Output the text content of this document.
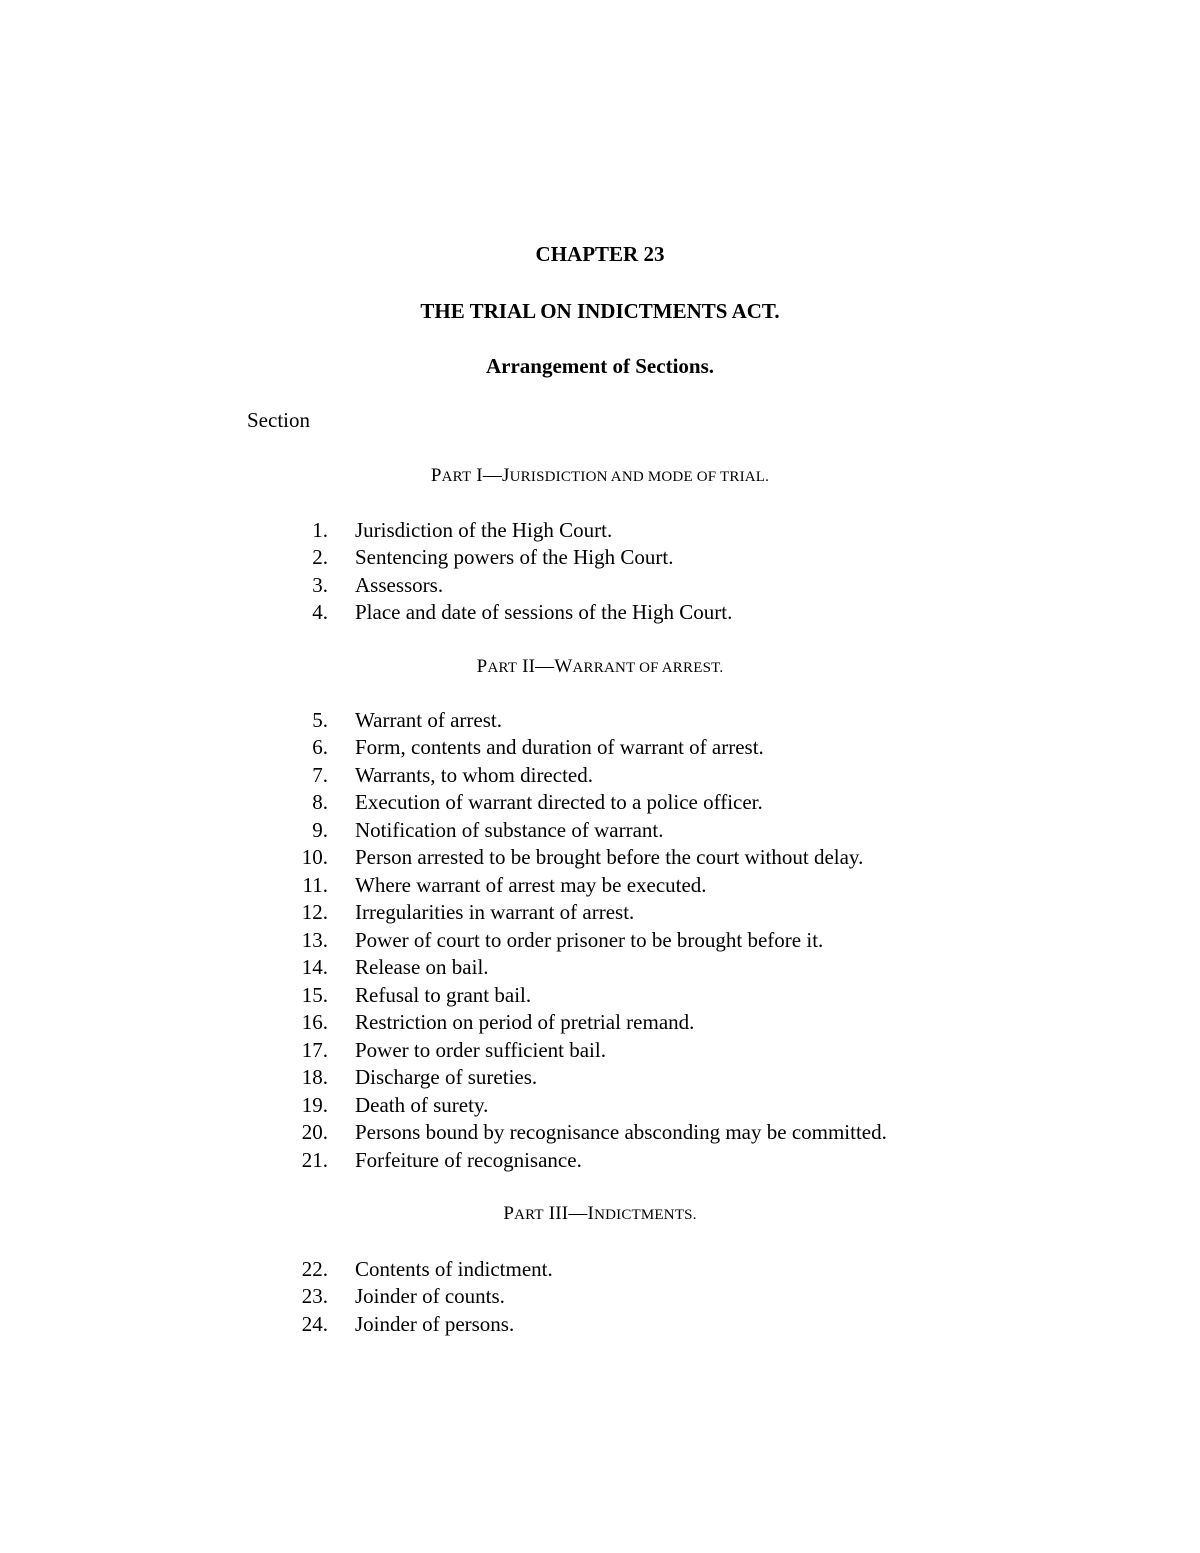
CHAPTER 23
THE TRIAL ON INDICTMENTS ACT.
Arrangement of Sections.
Section
PART I—JURISDICTION AND MODE OF TRIAL.
1. Jurisdiction of the High Court.
2. Sentencing powers of the High Court.
3. Assessors.
4. Place and date of sessions of the High Court.
PART II—WARRANT OF ARREST.
5. Warrant of arrest.
6. Form, contents and duration of warrant of arrest.
7. Warrants, to whom directed.
8. Execution of warrant directed to a police officer.
9. Notification of substance of warrant.
10. Person arrested to be brought before the court without delay.
11. Where warrant of arrest may be executed.
12. Irregularities in warrant of arrest.
13. Power of court to order prisoner to be brought before it.
14. Release on bail.
15. Refusal to grant bail.
16. Restriction on period of pretrial remand.
17. Power to order sufficient bail.
18. Discharge of sureties.
19. Death of surety.
20. Persons bound by recognisance absconding may be committed.
21. Forfeiture of recognisance.
PART III—INDICTMENTS.
22. Contents of indictment.
23. Joinder of counts.
24. Joinder of persons.
